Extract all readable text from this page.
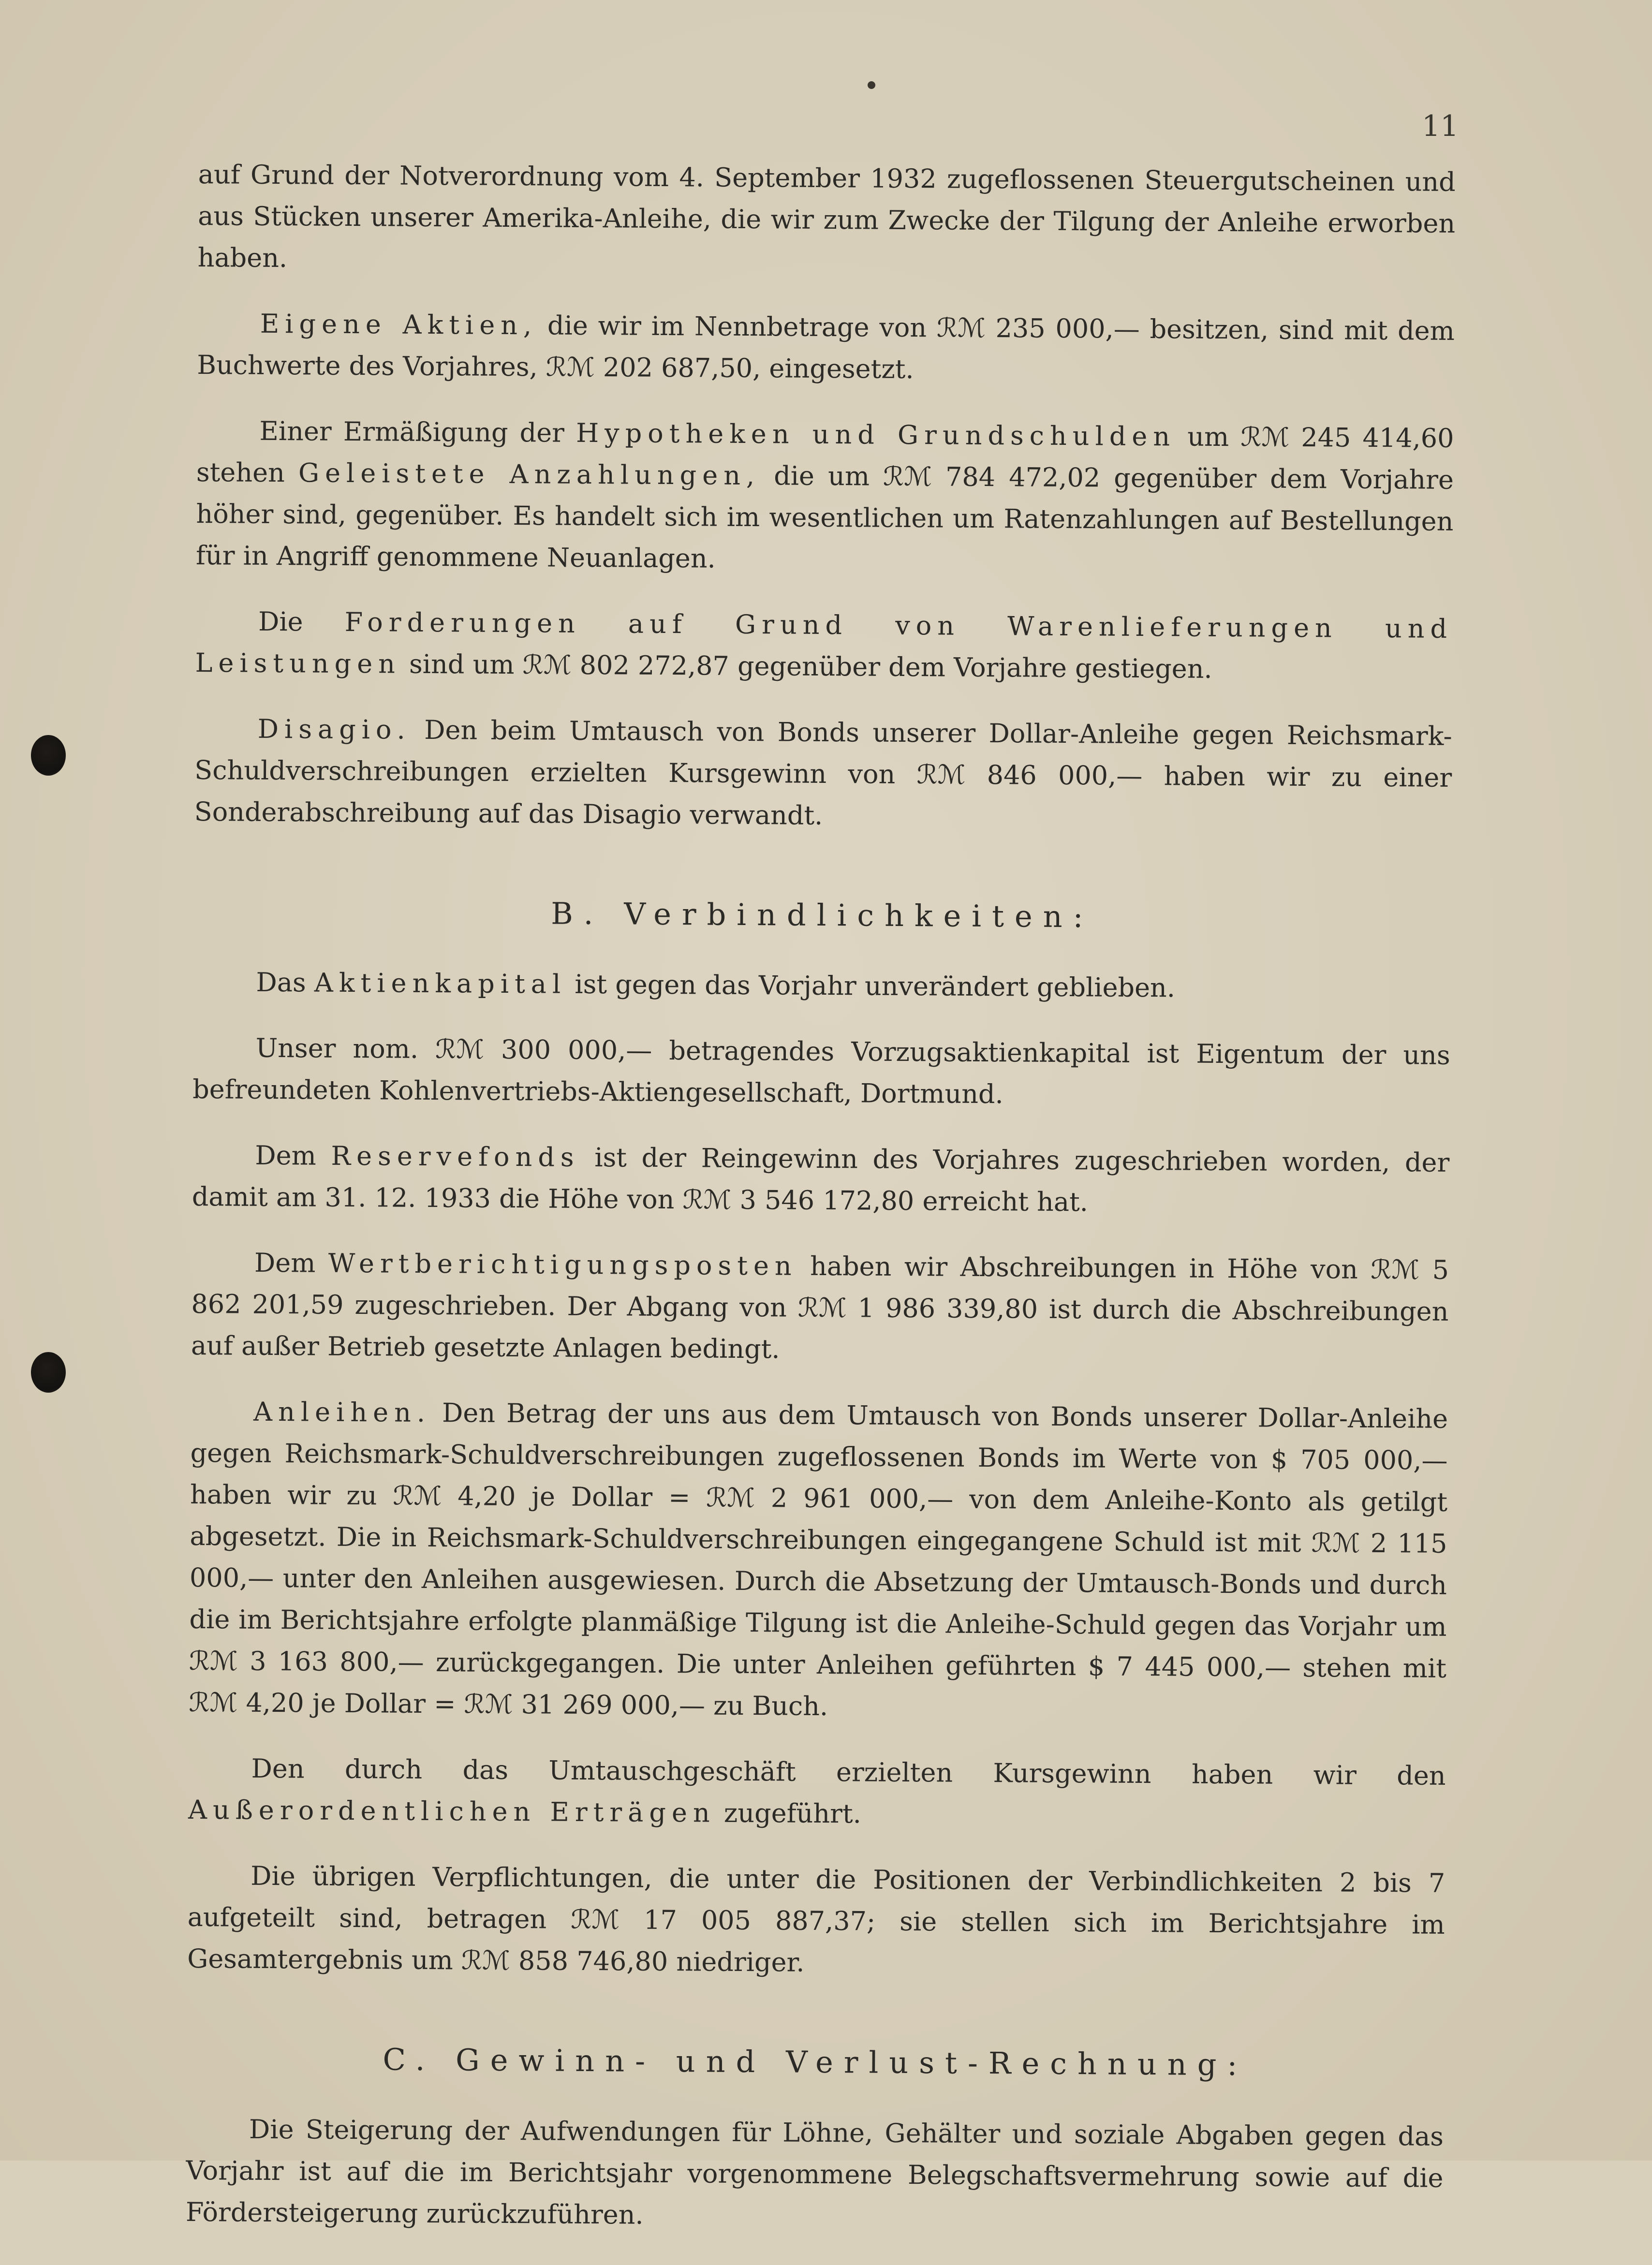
11

auf Grund der Notverordnung vom 4. September 1932 zugeflossenen Steuergutscheinen und aus Stücken unserer Amerika-Anleihe, die wir zum Zwecke der Tilgung der Anleihe erworben haben.

Eigene Aktien, die wir im Nennbetrage von ℛℳ 235 000,— besitzen, sind mit dem Buchwerte des Vorjahres, ℛℳ 202 687,50, eingesetzt.

Einer Ermäßigung der Hypotheken und Grundschulden um ℛℳ 245 414,60 stehen Geleistete Anzahlungen, die um ℛℳ 784 472,02 gegenüber dem Vorjahre höher sind, gegenüber. Es handelt sich im wesentlichen um Ratenzahlungen auf Bestellungen für in Angriff genommene Neuanlagen.

Die Forderungen auf Grund von Warenlieferungen und Leistungen sind um ℛℳ 802 272,87 gegenüber dem Vorjahre gestiegen.

Disagio. Den beim Umtausch von Bonds unserer Dollar-Anleihe gegen Reichsmark-Schuldverschreibungen erzielten Kursgewinn von ℛℳ 846 000,— haben wir zu einer Sonderabschreibung auf das Disagio verwandt.

B. Verbindlichkeiten:

Das Aktienkapital ist gegen das Vorjahr unverändert geblieben.

Unser nom. ℛℳ 300 000,— betragendes Vorzugsaktienkapital ist Eigentum der uns befreundeten Kohlenvertriebs-Aktiengesellschaft, Dortmund.

Dem Reservefonds ist der Reingewinn des Vorjahres zugeschrieben worden, der damit am 31. 12. 1933 die Höhe von ℛℳ 3 546 172,80 erreicht hat.

Dem Wertberichtigungsposten haben wir Abschreibungen in Höhe von ℛℳ 5 862 201,59 zugeschrieben. Der Abgang von ℛℳ 1 986 339,80 ist durch die Abschreibungen auf außer Betrieb gesetzte Anlagen bedingt.

Anleihen. Den Betrag der uns aus dem Umtausch von Bonds unserer Dollar-Anleihe gegen Reichsmark-Schuldverschreibungen zugeflossenen Bonds im Werte von $ 705 000,— haben wir zu ℛℳ 4,20 je Dollar = ℛℳ 2 961 000,— von dem Anleihe-Konto als getilgt abgesetzt. Die in Reichsmark-Schuldverschreibungen eingegangene Schuld ist mit ℛℳ 2 115 000,— unter den Anleihen ausgewiesen. Durch die Absetzung der Umtausch-Bonds und durch die im Berichtsjahre erfolgte planmäßige Tilgung ist die Anleihe-Schuld gegen das Vorjahr um ℛℳ 3 163 800,— zurückgegangen. Die unter Anleihen geführten $ 7 445 000,— stehen mit ℛℳ 4,20 je Dollar = ℛℳ 31 269 000,— zu Buch.

Den durch das Umtauschgeschäft erzielten Kursgewinn haben wir den Außerordentlichen Erträgen zugeführt.

Die übrigen Verpflichtungen, die unter die Positionen der Verbindlichkeiten 2 bis 7 aufgeteilt sind, betragen ℛℳ 17 005 887,37; sie stellen sich im Berichtsjahre im Gesamtergebnis um ℛℳ 858 746,80 niedriger.

C. Gewinn- und Verlust-Rechnung:

Die Steigerung der Aufwendungen für Löhne, Gehälter und soziale Abgaben gegen das Vorjahr ist auf die im Berichtsjahr vorgenommene Belegschaftsvermehrung sowie auf die Fördersteigerung zurückzuführen.
